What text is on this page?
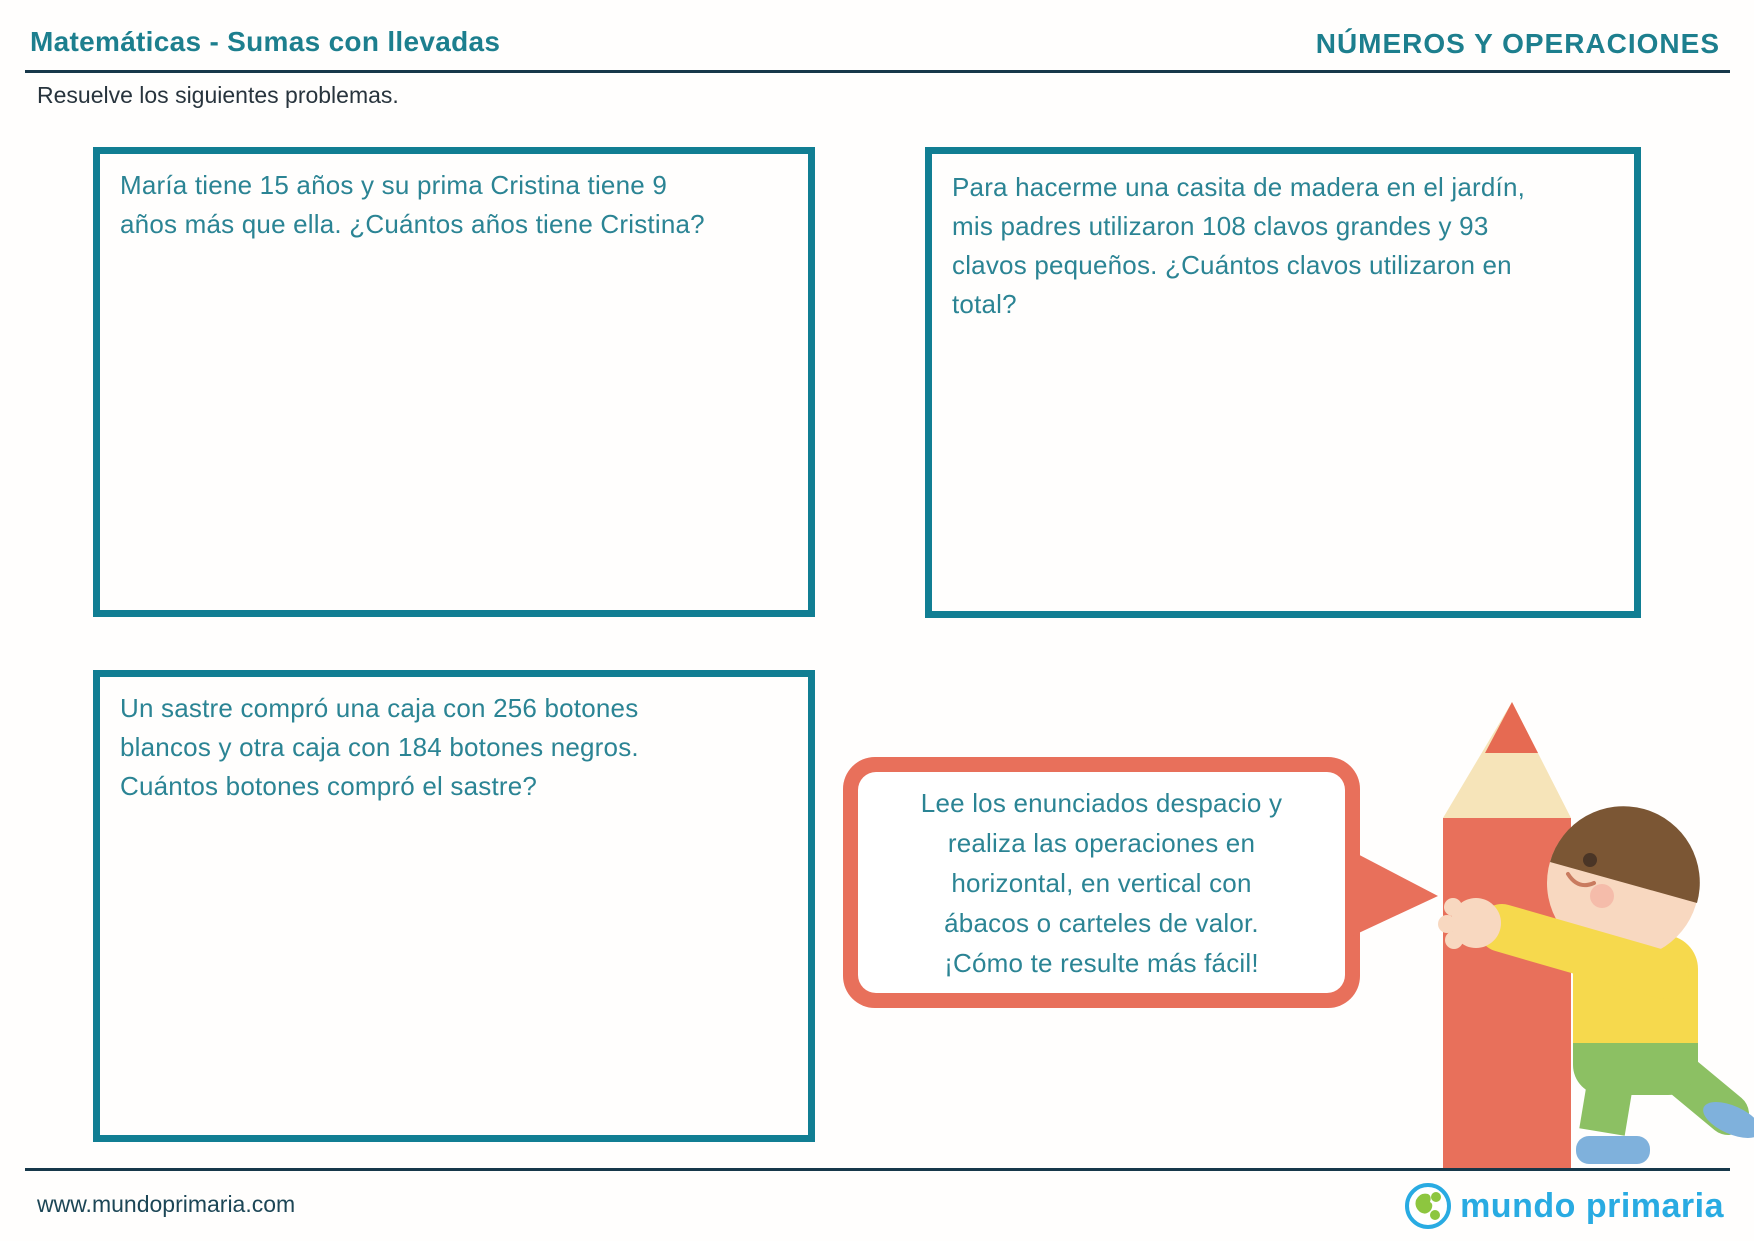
Matemáticas - Sumas con llevadas	NÚMEROS Y OPERACIONES
Resuelve los siguientes problemas.
María tiene 15 años y su prima Cristina tiene 9
años más que ella. ¿Cuántos años tiene Cristina?
Para hacerme una casita de madera en el jardín,
mis padres utilizaron 108 clavos grandes y 93
clavos pequeños. ¿Cuántos clavos utilizaron en
total?
Un sastre compró una caja con 256 botones
blancos y otra caja con 184 botones negros.
Cuántos botones compró el sastre?
Lee los enunciados despacio y
realiza las operaciones en
horizontal, en vertical con
ábacos o carteles de valor.
¡Cómo te resulte más fácil!
www.mundoprimaria.com	mundo primaria
